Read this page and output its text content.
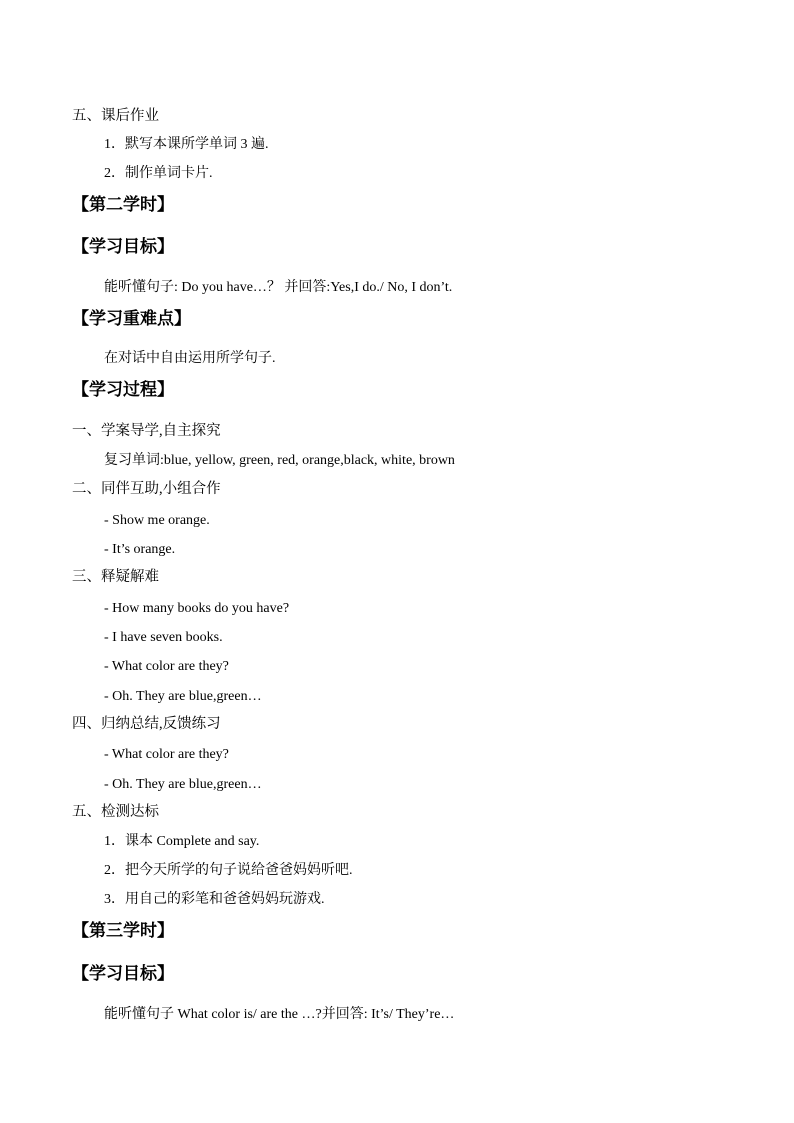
五、课后作业
1．默写本课所学单词 3 遍.
2．制作单词卡片.
【第二学时】
【学习目标】
能听懂句子: Do you have…？ 并回答:Yes,I do./ No, I don’t.
【学习重难点】
在对话中自由运用所学句子.
【学习过程】
一、学案导学,自主探究
复习单词:blue, yellow, green, red, orange,black, white, brown
二、同伴互助,小组合作
- Show me orange.
- It’s orange.
三、释疑解难
- How many books do you have?
- I have seven books.
- What color are they?
- Oh. They are blue,green…
四、归纳总结,反馈练习
- What color are they?
- Oh. They are blue,green…
五、检测达标
1．课本 Complete and say.
2．把今天所学的句子说给爸爸妈妈听吧.
3．用自己的彩笔和爸爸妈妈玩游戏.
【第三学时】
【学习目标】
能听懂句子 What color is/ are the …?并回答: It’s/ They’re…
